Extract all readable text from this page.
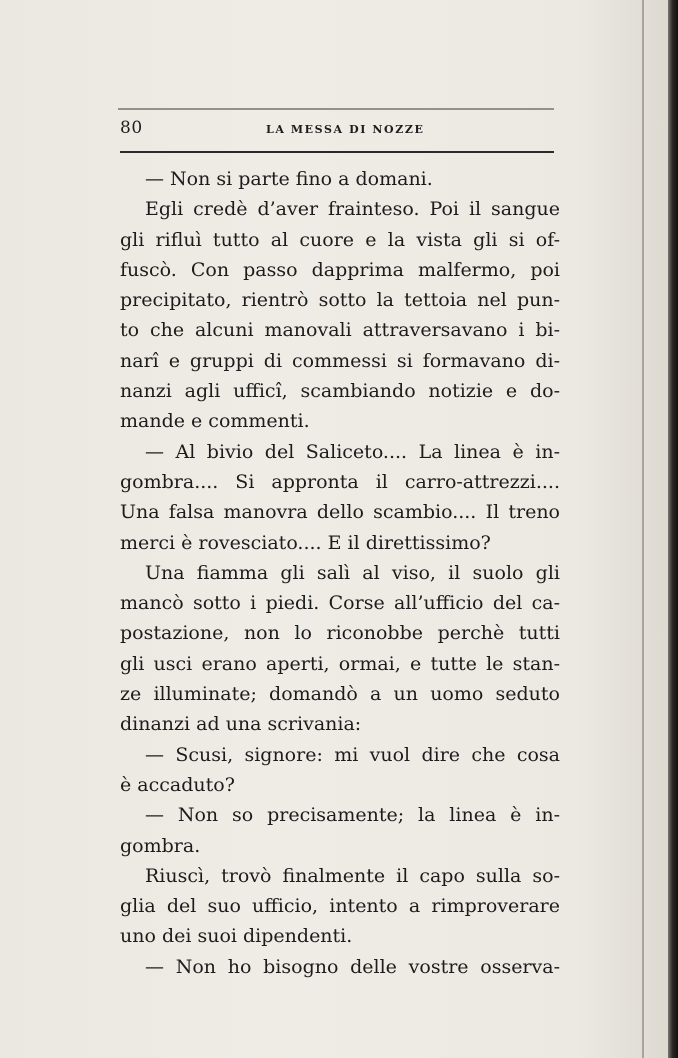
80	LA MESSA DI NOZZE
— Non si parte fino a domani.
Egli credè d’aver frainteso. Poi il sangue
gli rifluì tutto al cuore e la vista gli si of-
fuscò. Con passo dapprima malfermo, poi
precipitato, rientrò sotto la tettoia nel pun-
to che alcuni manovali attraversavano i bi-
narî e gruppi di commessi si formavano di-
nanzi agli ufficî, scambiando notizie e do-
mande e commenti.
— Al bivio del Saliceto.... La linea è in-
gombra.... Si appronta il carro-attrezzi....
Una falsa manovra dello scambio.... Il treno
merci è rovesciato.... E il direttissimo?
Una fiamma gli salì al viso, il suolo gli
mancò sotto i piedi. Corse all’ufficio del ca-
postazione, non lo riconobbe perchè tutti
gli usci erano aperti, ormai, e tutte le stan-
ze illuminate; domandò a un uomo seduto
dinanzi ad una scrivania:
— Scusi, signore: mi vuol dire che cosa
è accaduto?
— Non so precisamente; la linea è in-
gombra.
Riuscì, trovò finalmente il capo sulla so-
glia del suo ufficio, intento a rimproverare
uno dei suoi dipendenti.
— Non ho bisogno delle vostre osserva-
